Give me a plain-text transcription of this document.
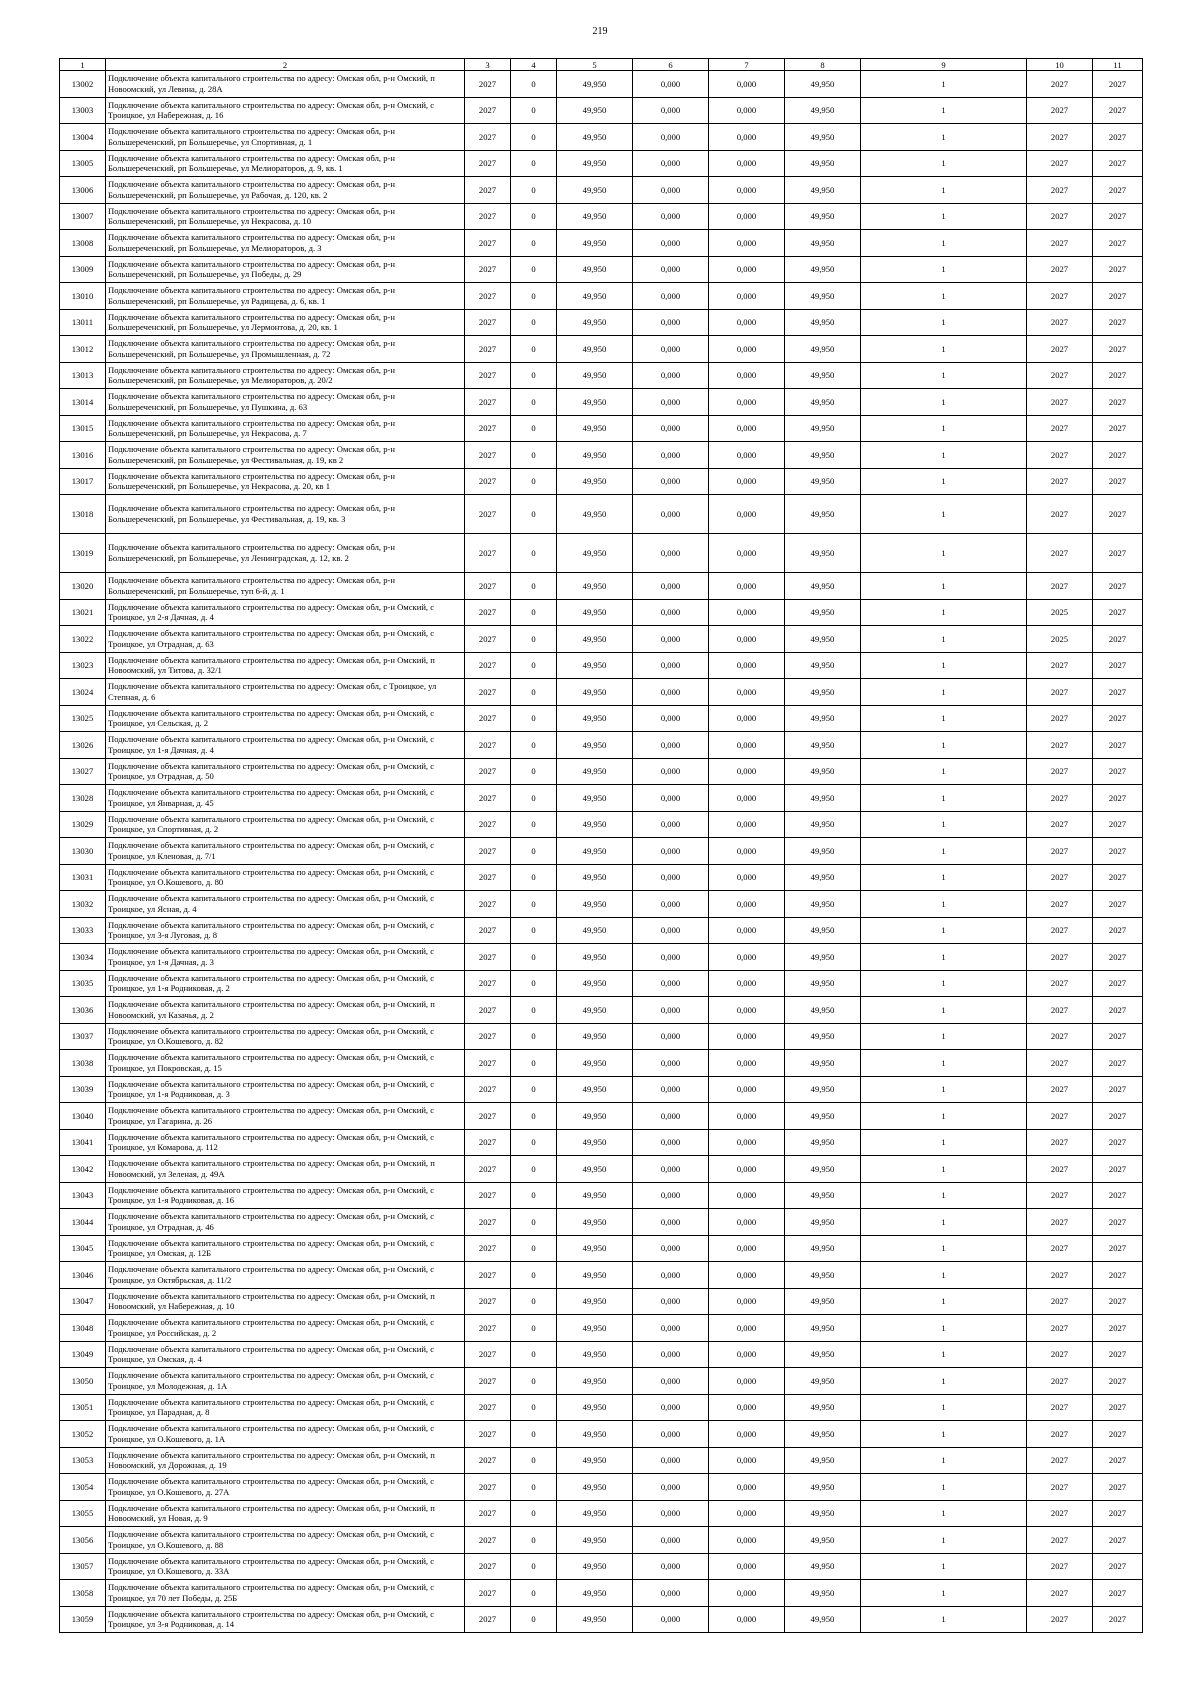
219
1	2	3	4	5	6	7	8	9	10	11
13002	Подключение объекта капитального строительства по адресу: Омская обл, р-н Омский, п Новоомский, ул Левина, д. 28А	2027	0	49,950	0,000	0,000	49,950	1	2027	2027
13003	Подключение объекта капитального строительства по адресу: Омская обл, р-н Омский, с Троицкое, ул Набережная, д. 16	2027	0	49,950	0,000	0,000	49,950	1	2027	2027
13004	Подключение объекта капитального строительства по адресу: Омская обл, р-н Большереченский, рп Большеречье, ул Спортивная, д. 1	2027	0	49,950	0,000	0,000	49,950	1	2027	2027
13005	Подключение объекта капитального строительства по адресу: Омская обл, р-н Большереченский, рп Большеречье, ул Мелиораторов, д. 9, кв. 1	2027	0	49,950	0,000	0,000	49,950	1	2027	2027
13006	Подключение объекта капитального строительства по адресу: Омская обл, р-н Большереченский, рп Большеречье, ул Рабочая, д. 120, кв. 2	2027	0	49,950	0,000	0,000	49,950	1	2027	2027
13007	Подключение объекта капитального строительства по адресу: Омская обл, р-н Большереченский, рп Большеречье, ул Некрасова, д. 10	2027	0	49,950	0,000	0,000	49,950	1	2027	2027
13008	Подключение объекта капитального строительства по адресу: Омская обл, р-н Большереченский, рп Большеречье, ул Мелиораторов, д. 3	2027	0	49,950	0,000	0,000	49,950	1	2027	2027
13009	Подключение объекта капитального строительства по адресу: Омская обл, р-н Большереченский, рп Большеречье, ул Победы, д. 29	2027	0	49,950	0,000	0,000	49,950	1	2027	2027
13010	Подключение объекта капитального строительства по адресу: Омская обл, р-н Большереченский, рп Большеречье, ул Радищева, д. 6, кв. 1	2027	0	49,950	0,000	0,000	49,950	1	2027	2027
13011	Подключение объекта капитального строительства по адресу: Омская обл, р-н Большереченский, рп Большеречье, ул Лермонтова, д. 20, кв. 1	2027	0	49,950	0,000	0,000	49,950	1	2027	2027
13012	Подключение объекта капитального строительства по адресу: Омская обл, р-н Большереченский, рп Большеречье, ул Промышленная, д. 72	2027	0	49,950	0,000	0,000	49,950	1	2027	2027
13013	Подключение объекта капитального строительства по адресу: Омская обл, р-н Большереченский, рп Большеречье, ул Мелиораторов, д. 20/2	2027	0	49,950	0,000	0,000	49,950	1	2027	2027
13014	Подключение объекта капитального строительства по адресу: Омская обл, р-н Большереченский, рп Большеречье, ул Пушкина, д. 63	2027	0	49,950	0,000	0,000	49,950	1	2027	2027
13015	Подключение объекта капитального строительства по адресу: Омская обл, р-н Большереченский, рп Большеречье, ул Некрасова, д. 7	2027	0	49,950	0,000	0,000	49,950	1	2027	2027
13016	Подключение объекта капитального строительства по адресу: Омская обл, р-н Большереченский, рп Большеречье, ул Фестивальная, д. 19, кв 2	2027	0	49,950	0,000	0,000	49,950	1	2027	2027
13017	Подключение объекта капитального строительства по адресу: Омская обл, р-н Большереченский, рп Большеречье, ул Некрасова, д. 20, кв 1	2027	0	49,950	0,000	0,000	49,950	1	2027	2027
13018	Подключение объекта капитального строительства по адресу: Омская обл, р-н Большереченский, рп Большеречье, ул Фестивальная, д. 19, кв. 3	2027	0	49,950	0,000	0,000	49,950	1	2027	2027
13019	Подключение объекта капитального строительства по адресу: Омская обл, р-н Большереченский, рп Большеречье, ул Ленинградская, д. 12, кв. 2	2027	0	49,950	0,000	0,000	49,950	1	2027	2027
13020	Подключение объекта капитального строительства по адресу: Омская обл, р-н Большереченский, рп Большеречье, туп 6-й, д. 1	2027	0	49,950	0,000	0,000	49,950	1	2027	2027
13021	Подключение объекта капитального строительства по адресу: Омская обл, р-н Омский, с Троицкое, ул 2-я Дачная, д. 4	2027	0	49,950	0,000	0,000	49,950	1	2025	2027
13022	Подключение объекта капитального строительства по адресу: Омская обл, р-н Омский, с Троицкое, ул Отрадная, д. 63	2027	0	49,950	0,000	0,000	49,950	1	2025	2027
13023	Подключение объекта капитального строительства по адресу: Омская обл, р-н Омский, п Новоомский, ул Титова, д. 32/1	2027	0	49,950	0,000	0,000	49,950	1	2027	2027
13024	Подключение объекта капитального строительства по адресу: Омская обл, с Троицкое, ул Степная, д. 6	2027	0	49,950	0,000	0,000	49,950	1	2027	2027
13025	Подключение объекта капитального строительства по адресу: Омская обл, р-н Омский, с Троицкое, ул Сельская, д. 2	2027	0	49,950	0,000	0,000	49,950	1	2027	2027
13026	Подключение объекта капитального строительства по адресу: Омская обл, р-н Омский, с Троицкое, ул 1-я Дачная, д. 4	2027	0	49,950	0,000	0,000	49,950	1	2027	2027
13027	Подключение объекта капитального строительства по адресу: Омская обл, р-н Омский, с Троицкое, ул Отрадная, д. 50	2027	0	49,950	0,000	0,000	49,950	1	2027	2027
13028	Подключение объекта капитального строительства по адресу: Омская обл, р-н Омский, с Троицкое, ул Январная, д. 45	2027	0	49,950	0,000	0,000	49,950	1	2027	2027
13029	Подключение объекта капитального строительства по адресу: Омская обл, р-н Омский, с Троицкое, ул Спортивная, д. 2	2027	0	49,950	0,000	0,000	49,950	1	2027	2027
13030	Подключение объекта капитального строительства по адресу: Омская обл, р-н Омский, с Троицкое, ул Кленовая, д. 7/1	2027	0	49,950	0,000	0,000	49,950	1	2027	2027
13031	Подключение объекта капитального строительства по адресу: Омская обл, р-н Омский, с Троицкое, ул О.Кошевого, д. 80	2027	0	49,950	0,000	0,000	49,950	1	2027	2027
13032	Подключение объекта капитального строительства по адресу: Омская обл, р-н Омский, с Троицкое, ул Ясная, д. 4	2027	0	49,950	0,000	0,000	49,950	1	2027	2027
13033	Подключение объекта капитального строительства по адресу: Омская обл, р-н Омский, с Троицкое, ул 3-я Луговая, д. 8	2027	0	49,950	0,000	0,000	49,950	1	2027	2027
13034	Подключение объекта капитального строительства по адресу: Омская обл, р-н Омский, с Троицкое, ул 1-я Дачная, д. 3	2027	0	49,950	0,000	0,000	49,950	1	2027	2027
13035	Подключение объекта капитального строительства по адресу: Омская обл, р-н Омский, с Троицкое, ул 1-я Родниковая, д. 2	2027	0	49,950	0,000	0,000	49,950	1	2027	2027
13036	Подключение объекта капитального строительства по адресу: Омская обл, р-н Омский, п Новоомский, ул Казачья, д. 2	2027	0	49,950	0,000	0,000	49,950	1	2027	2027
13037	Подключение объекта капитального строительства по адресу: Омская обл, р-н Омский, с Троицкое, ул О.Кошевого, д. 82	2027	0	49,950	0,000	0,000	49,950	1	2027	2027
13038	Подключение объекта капитального строительства по адресу: Омская обл, р-н Омский, с Троицкое, ул Покровская, д. 15	2027	0	49,950	0,000	0,000	49,950	1	2027	2027
13039	Подключение объекта капитального строительства по адресу: Омская обл, р-н Омский, с Троицкое, ул 1-я Родниковая, д. 3	2027	0	49,950	0,000	0,000	49,950	1	2027	2027
13040	Подключение объекта капитального строительства по адресу: Омская обл, р-н Омский, с Троицкое, ул Гагарина, д. 26	2027	0	49,950	0,000	0,000	49,950	1	2027	2027
13041	Подключение объекта капитального строительства по адресу: Омская обл, р-н Омский, с Троицкое, ул Комарова, д. 112	2027	0	49,950	0,000	0,000	49,950	1	2027	2027
13042	Подключение объекта капитального строительства по адресу: Омская обл, р-н Омский, п Новоомский, ул Зеленая, д. 49А	2027	0	49,950	0,000	0,000	49,950	1	2027	2027
13043	Подключение объекта капитального строительства по адресу: Омская обл, р-н Омский, с Троицкое, ул 1-я Родниковая, д. 16	2027	0	49,950	0,000	0,000	49,950	1	2027	2027
13044	Подключение объекта капитального строительства по адресу: Омская обл, р-н Омский, с Троицкое, ул Отрадная, д. 46	2027	0	49,950	0,000	0,000	49,950	1	2027	2027
13045	Подключение объекта капитального строительства по адресу: Омская обл, р-н Омский, с Троицкое, ул Омская, д. 12Б	2027	0	49,950	0,000	0,000	49,950	1	2027	2027
13046	Подключение объекта капитального строительства по адресу: Омская обл, р-н Омский, с Троицкое, ул Октябрьская, д. 11/2	2027	0	49,950	0,000	0,000	49,950	1	2027	2027
13047	Подключение объекта капитального строительства по адресу: Омская обл, р-н Омский, п Новоомский, ул Набережная, д. 10	2027	0	49,950	0,000	0,000	49,950	1	2027	2027
13048	Подключение объекта капитального строительства по адресу: Омская обл, р-н Омский, с Троицкое, ул Российская, д. 2	2027	0	49,950	0,000	0,000	49,950	1	2027	2027
13049	Подключение объекта капитального строительства по адресу: Омская обл, р-н Омский, с Троицкое, ул Омская, д. 4	2027	0	49,950	0,000	0,000	49,950	1	2027	2027
13050	Подключение объекта капитального строительства по адресу: Омская обл, р-н Омский, с Троицкое, ул Молодежная, д. 1А	2027	0	49,950	0,000	0,000	49,950	1	2027	2027
13051	Подключение объекта капитального строительства по адресу: Омская обл, р-н Омский, с Троицкое, ул Парадная, д. 8	2027	0	49,950	0,000	0,000	49,950	1	2027	2027
13052	Подключение объекта капитального строительства по адресу: Омская обл, р-н Омский, с Троицкое, ул О.Кошевого, д. 1А	2027	0	49,950	0,000	0,000	49,950	1	2027	2027
13053	Подключение объекта капитального строительства по адресу: Омская обл, р-н Омский, п Новоомский, ул Дорожная, д. 19	2027	0	49,950	0,000	0,000	49,950	1	2027	2027
13054	Подключение объекта капитального строительства по адресу: Омская обл, р-н Омский, с Троицкое, ул О.Кошевого, д. 27А	2027	0	49,950	0,000	0,000	49,950	1	2027	2027
13055	Подключение объекта капитального строительства по адресу: Омская обл, р-н Омский, п Новоомский, ул Новая, д. 9	2027	0	49,950	0,000	0,000	49,950	1	2027	2027
13056	Подключение объекта капитального строительства по адресу: Омская обл, р-н Омский, с Троицкое, ул О.Кошевого, д. 88	2027	0	49,950	0,000	0,000	49,950	1	2027	2027
13057	Подключение объекта капитального строительства по адресу: Омская обл, р-н Омский, с Троицкое, ул О.Кошевого, д. 33А	2027	0	49,950	0,000	0,000	49,950	1	2027	2027
13058	Подключение объекта капитального строительства по адресу: Омская обл, р-н Омский, с Троицкое, ул 70 лет Победы, д. 25Б	2027	0	49,950	0,000	0,000	49,950	1	2027	2027
13059	Подключение объекта капитального строительства по адресу: Омская обл, р-н Омский, с Троицкое, ул 3-я Родниковая, д. 14	2027	0	49,950	0,000	0,000	49,950	1	2027	2027
